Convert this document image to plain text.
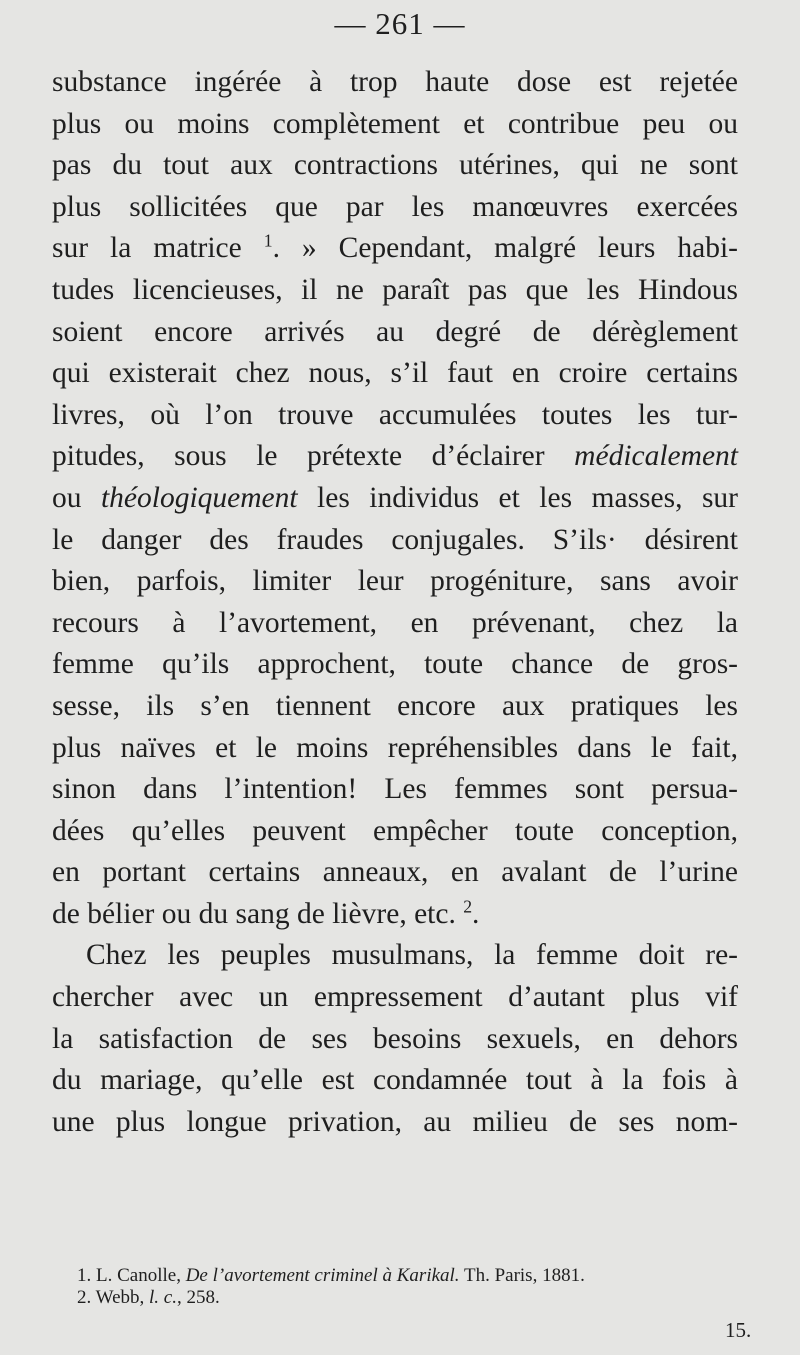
— 261 —
substance ingérée à trop haute dose est rejetée
plus ou moins complètement et contribue peu ou
pas du tout aux contractions utérines, qui ne sont
plus sollicitées que par les manœuvres exercées
sur la matrice $^1$. » Cependant, malgré leurs habi-
tudes licencieuses, il ne paraît pas que les Hindous
soient encore arrivés au degré de dérèglement
qui existerait chez nous, s’il faut en croire certains
livres, où l’on trouve accumulées toutes les tur-
pitudes, sous le prétexte d’éclairer médicalement
ou théologiquement les individus et les masses, sur
le danger des fraudes conjugales. S’ils· désirent
bien, parfois, limiter leur progéniture, sans avoir
recours à l’avortement, en prévenant, chez la
femme qu’ils approchent, toute chance de gros-
sesse, ils s’en tiennent encore aux pratiques les
plus naïves et le moins repréhensibles dans le fait,
sinon dans l’intention! Les femmes sont persua-
dées qu’elles peuvent empêcher toute conception,
en portant certains anneaux, en avalant de l’urine
de bélier ou du sang de lièvre, etc. $^2$.
Chez les peuples musulmans, la femme doit re-
chercher avec un empressement d’autant plus vif
la satisfaction de ses besoins sexuels, en dehors
du mariage, qu’elle est condamnée tout à la fois à
une plus longue privation, au milieu de ses nom-
1. L. Canolle, De l’avortement criminel à Karikal. Th. Paris, 1881.
2. Webb, l. c., 258.
15.
